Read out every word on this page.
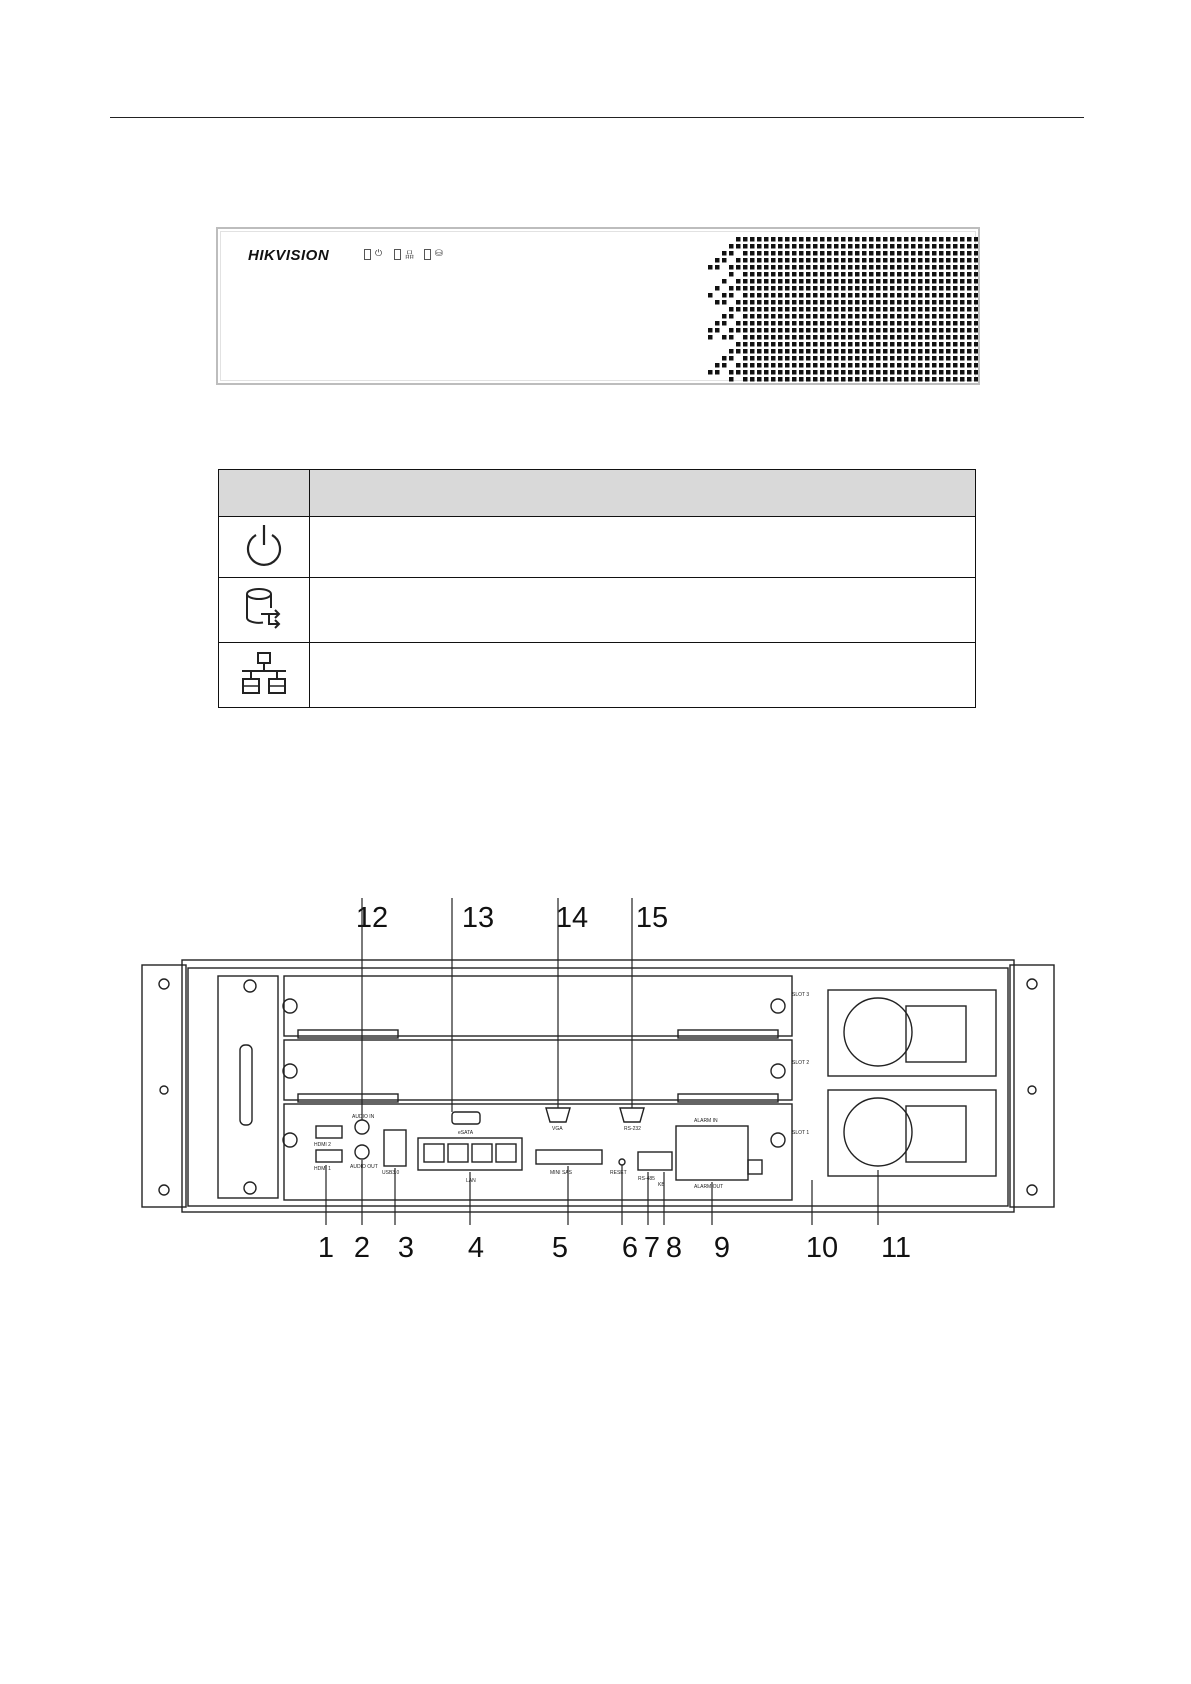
HIKVISION	⏻	品 ⛁

12	13 14 15
1 2 3 4 5 6 7 8 9	10 11
HDMI 2
HDMI 1
AUDIO IN
AUDIO OUT
USB3.0
LAN
eSATA
VGA	RS-232
MINI SAS	RESET
RS-485
KB
ALARM IN
ALARM OUT
SLOT 3
SLOT 2
SLOT 1
